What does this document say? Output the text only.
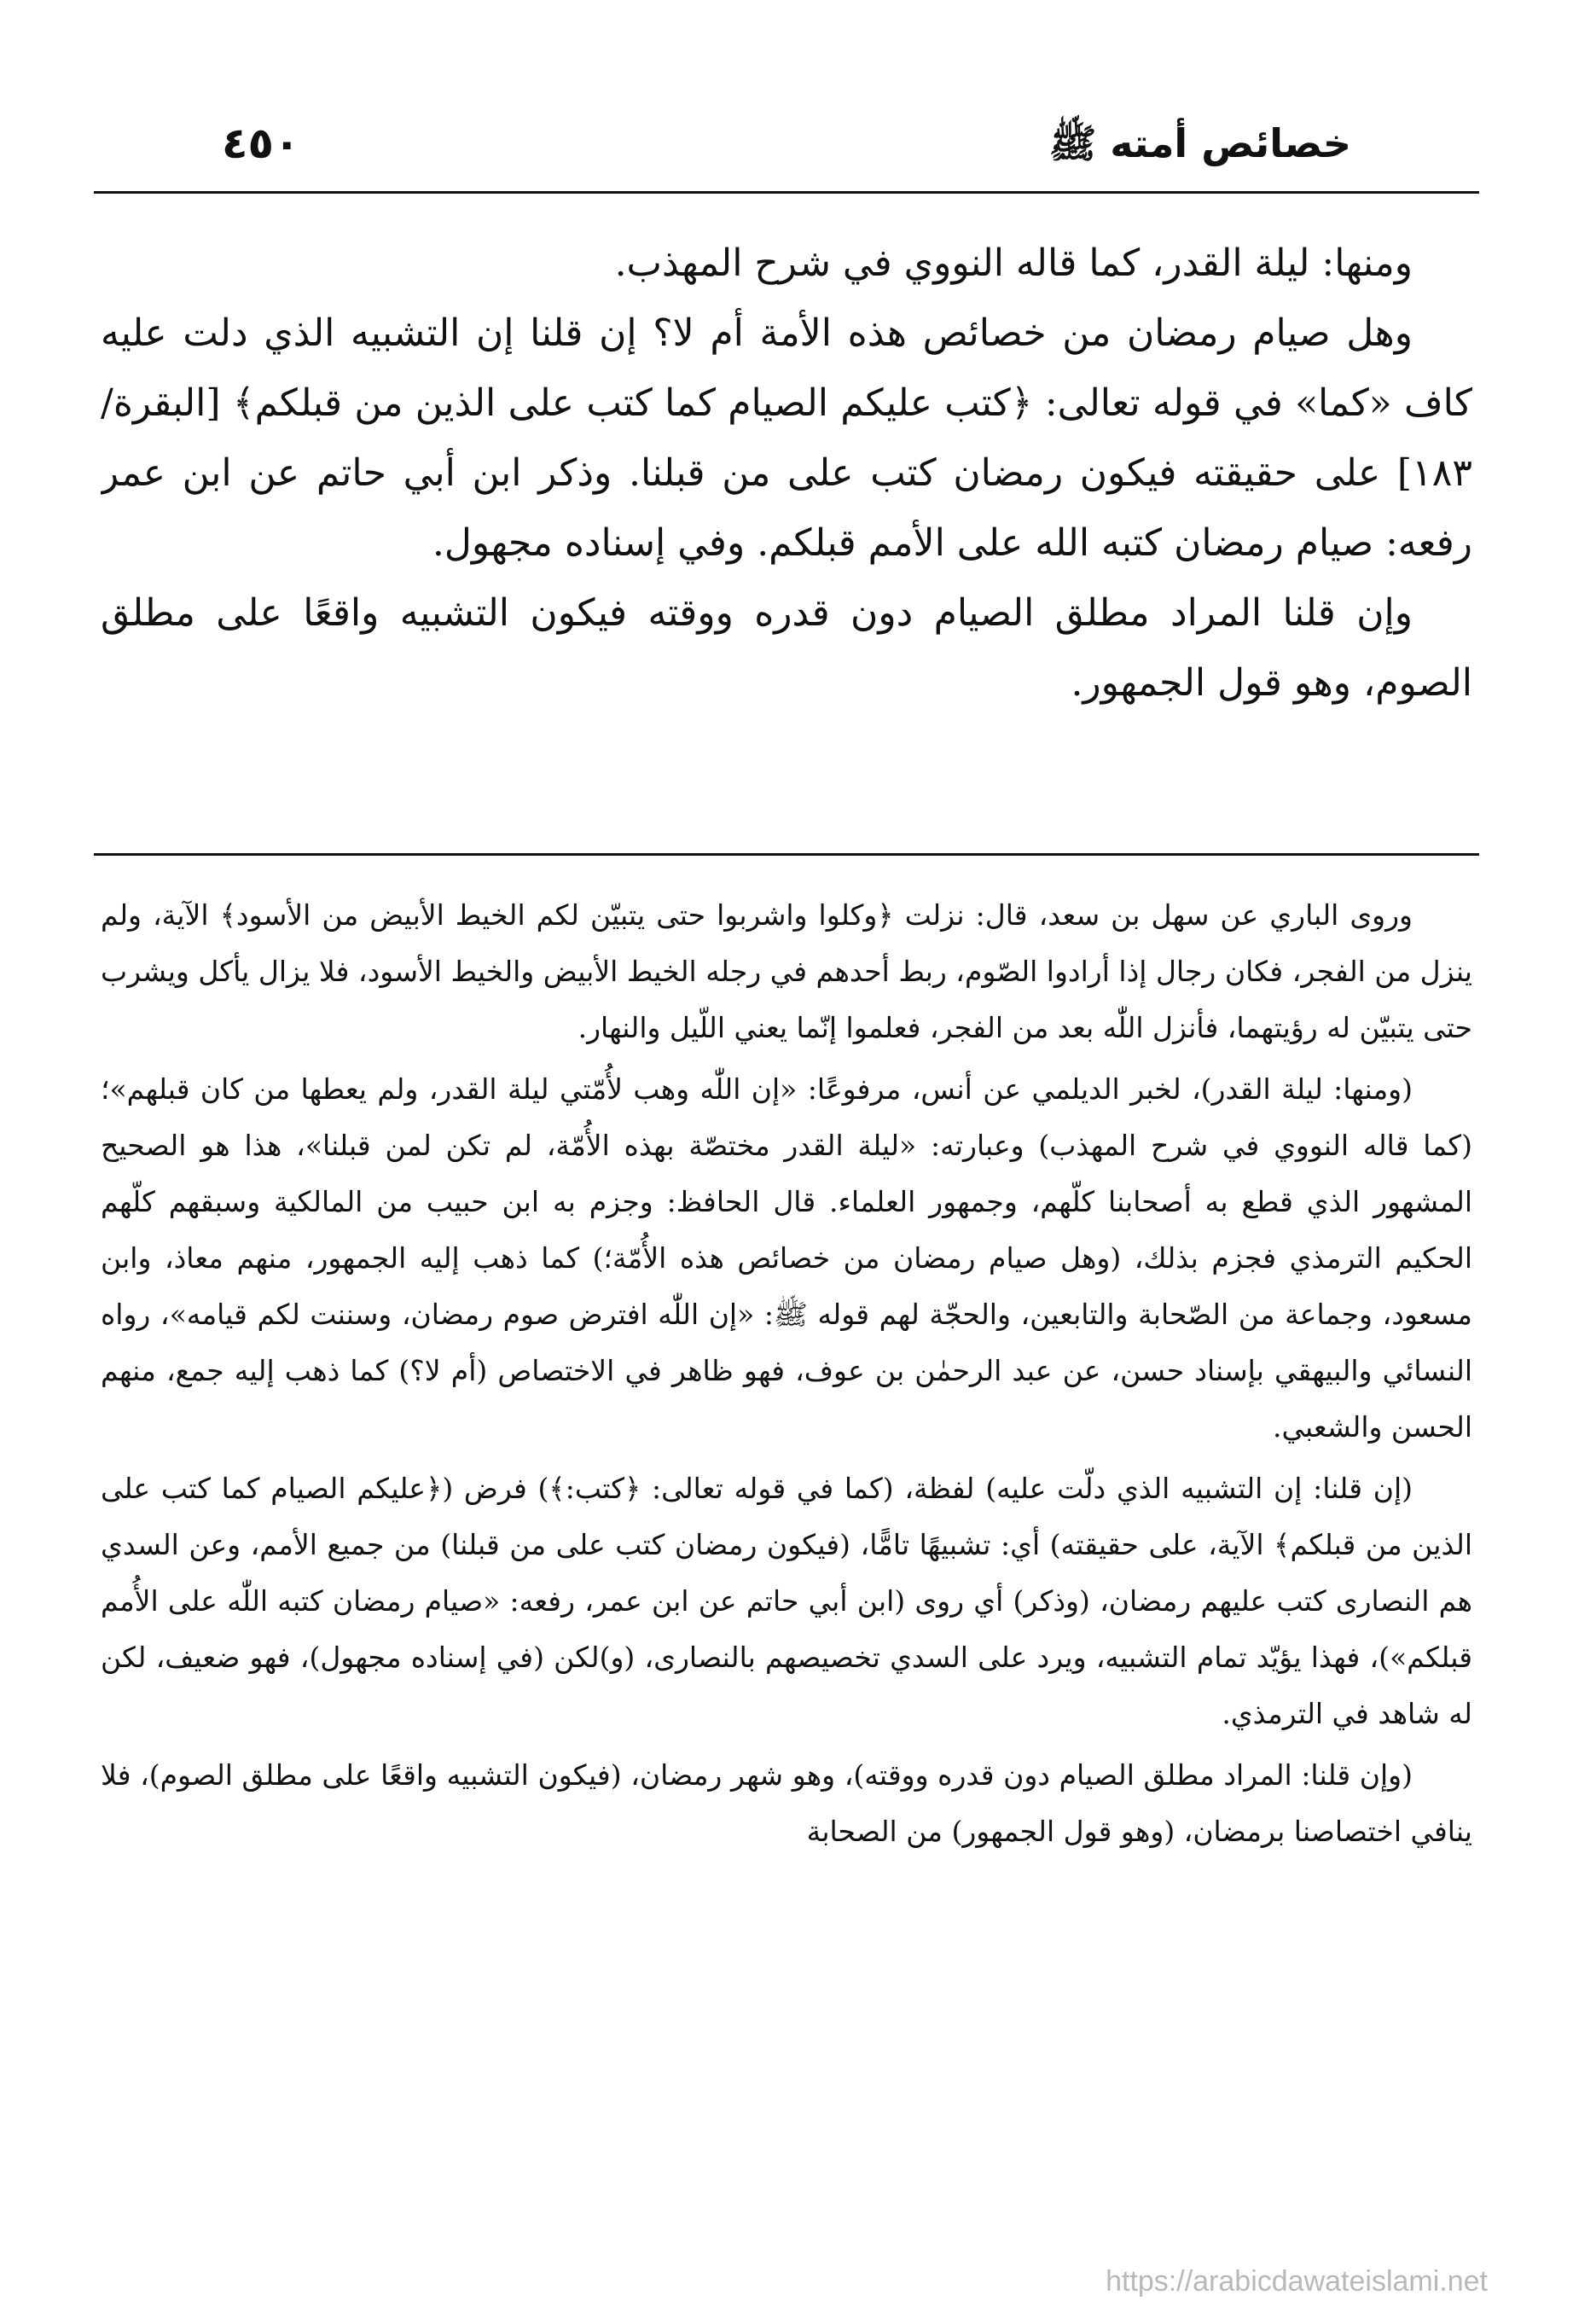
خصائص أمته ﷺ
٤٥٠

ومنها: ليلة القدر، كما قاله النووي في شرح المهذب.

وهل صيام رمضان من خصائص هذه الأمة أم لا؟ إن قلنا إن التشبيه الذي دلت عليه كاف «كما» في قوله تعالى: ﴿كتب عليكم الصيام كما كتب على الذين من قبلكم﴾ [البقرة/١٨٣] على حقيقته فيكون رمضان كتب على من قبلنا. وذكر ابن أبي حاتم عن ابن عمر رفعه: صيام رمضان كتبه الله على الأمم قبلكم. وفي إسناده مجهول.

وإن قلنا المراد مطلق الصيام دون قدره ووقته فيكون التشبيه واقعًا على مطلق الصوم، وهو قول الجمهور.

وروى الباري عن سهل بن سعد، قال: نزلت ﴿وكلوا واشربوا حتى يتبيّن لكم الخيط الأبيض من الأسود﴾ الآية، ولم ينزل من الفجر، فكان رجال إذا أرادوا الصّوم، ربط أحدهم في رجله الخيط الأبيض والخيط الأسود، فلا يزال يأكل ويشرب حتى يتبيّن له رؤيتهما، فأنزل اللّٰه بعد من الفجر، فعلموا إنّما يعني اللّيل والنهار.

(ومنها: ليلة القدر)، لخبر الديلمي عن أنس، مرفوعًا: «إن اللّٰه وهب لأُمّتي ليلة القدر، ولم يعطها من كان قبلهم»؛ (كما قاله النووي في شرح المهذب) وعبارته: «ليلة القدر مختصّة بهذه الأُمّة، لم تكن لمن قبلنا»، هذا هو الصحيح المشهور الذي قطع به أصحابنا كلّهم، وجمهور العلماء. قال الحافظ: وجزم به ابن حبيب من المالكية وسبقهم كلّهم الحكيم الترمذي فجزم بذلك، (وهل صيام رمضان من خصائص هذه الأُمّة؛) كما ذهب إليه الجمهور، منهم معاذ، وابن مسعود، وجماعة من الصّحابة والتابعين، والحجّة لهم قوله ﷺ: «إن اللّٰه افترض صوم رمضان، وسننت لكم قيامه»، رواه النسائي والبيهقي بإسناد حسن، عن عبد الرحمٰن بن عوف، فهو ظاهر في الاختصاص (أم لا؟) كما ذهب إليه جمع، منهم الحسن والشعبي.

(إن قلنا: إن التشبيه الذي دلّت عليه) لفظة، (كما في قوله تعالى: ﴿كتب:﴾) فرض (﴿عليكم الصيام كما كتب على الذين من قبلكم﴾ الآية، على حقيقته) أي: تشبيهًا تامًّا، (فيكون رمضان كتب على من قبلنا) من جميع الأمم، وعن السدي هم النصارى كتب عليهم رمضان، (وذكر) أي روى (ابن أبي حاتم عن ابن عمر، رفعه: «صيام رمضان كتبه اللّٰه على الأُمم قبلكم»)، فهذا يؤيّد تمام التشبيه، ويرد على السدي تخصيصهم بالنصارى، (و)لكن (في إسناده مجهول)، فهو ضعيف، لكن له شاهد في الترمذي.

(وإن قلنا: المراد مطلق الصيام دون قدره ووقته)، وهو شهر رمضان، (فيكون التشبيه واقعًا على مطلق الصوم)، فلا ينافي اختصاصنا برمضان، (وهو قول الجمهور) من الصحابة

https://arabicdawateislami.net
